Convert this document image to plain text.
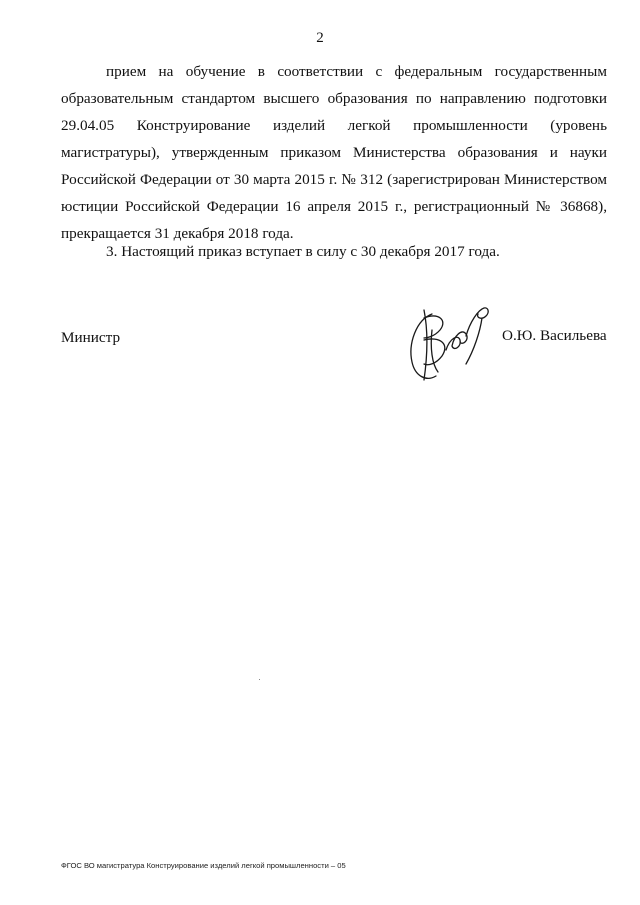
2

прием на обучение в соответствии с федеральным государственным образовательным стандартом высшего образования по направлению подготовки 29.04.05 Конструирование изделий легкой промышленности (уровень магистратуры), утвержденным приказом Министерства образования и науки Российской Федерации от 30 марта 2015 г. № 312 (зарегистрирован Министерством юстиции Российской Федерации 16 апреля 2015 г., регистрационный № 36868), прекращается 31 декабря 2018 года.

3. Настоящий приказ вступает в силу с 30 декабря 2017 года.

Министр	О.Ю. Васильева
ФГОС ВО магистратура Конструирование изделий легкой промышленности – 05
